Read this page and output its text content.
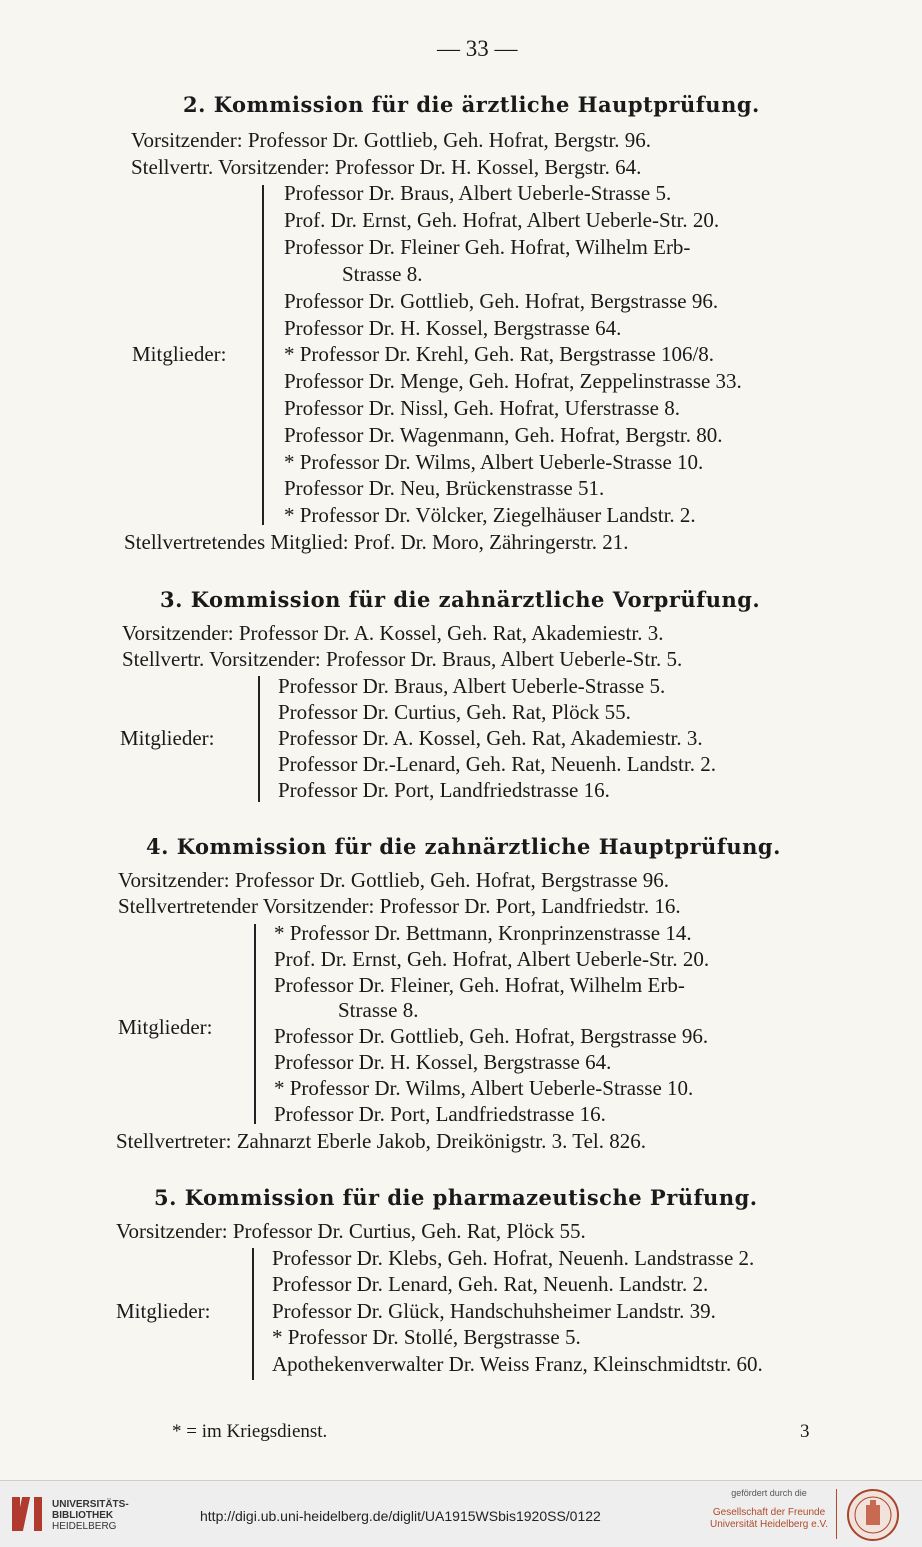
— 33 —
2. Kommission für die ärztliche Hauptprüfung.
Vorsitzender: Professor Dr. Gottlieb, Geh. Hofrat, Bergstr. 96.
Stellvertr. Vorsitzender: Professor Dr. H. Kossel, Bergstr. 64.
Mitglieder:
Professor Dr. Braus, Albert Ueberle-Strasse 5.
Prof. Dr. Ernst, Geh. Hofrat, Albert Ueberle-Str. 20.
Professor Dr. Fleiner Geh. Hofrat, Wilhelm Erb-
Strasse 8.
Professor Dr. Gottlieb, Geh. Hofrat, Bergstrasse 96.
Professor Dr. H. Kossel, Bergstrasse 64.
* Professor Dr. Krehl, Geh. Rat, Bergstrasse 106/8.
Professor Dr. Menge, Geh. Hofrat, Zeppelinstrasse 33.
Professor Dr. Nissl, Geh. Hofrat, Uferstrasse 8.
Professor Dr. Wagenmann, Geh. Hofrat, Bergstr. 80.
* Professor Dr. Wilms, Albert Ueberle-Strasse 10.
Professor Dr. Neu, Brückenstrasse 51.
* Professor Dr. Völcker, Ziegelhäuser Landstr. 2.
Stellvertretendes Mitglied: Prof. Dr. Moro, Zähringerstr. 21.
3. Kommission für die zahnärztliche Vorprüfung.
Vorsitzender: Professor Dr. A. Kossel, Geh. Rat, Akademiestr. 3.
Stellvertr. Vorsitzender: Professor Dr. Braus, Albert Ueberle-Str. 5.
Mitglieder:
Professor Dr. Braus, Albert Ueberle-Strasse 5.
Professor Dr. Curtius, Geh. Rat, Plöck 55.
Professor Dr. A. Kossel, Geh. Rat, Akademiestr. 3.
Professor Dr.-Lenard, Geh. Rat, Neuenh. Landstr. 2.
Professor Dr. Port, Landfriedstrasse 16.
4. Kommission für die zahnärztliche Hauptprüfung.
Vorsitzender: Professor Dr. Gottlieb, Geh. Hofrat, Bergstrasse 96.
Stellvertretender Vorsitzender: Professor Dr. Port, Landfriedstr. 16.
Mitglieder:
* Professor Dr. Bettmann, Kronprinzenstrasse 14.
Prof. Dr. Ernst, Geh. Hofrat, Albert Ueberle-Str. 20.
Professor Dr. Fleiner, Geh. Hofrat, Wilhelm Erb-
Strasse 8.
Professor Dr. Gottlieb, Geh. Hofrat, Bergstrasse 96.
Professor Dr. H. Kossel, Bergstrasse 64.
* Professor Dr. Wilms, Albert Ueberle-Strasse 10.
Professor Dr. Port, Landfriedstrasse 16.
Stellvertreter: Zahnarzt Eberle Jakob, Dreikönigstr. 3. Tel. 826.
5. Kommission für die pharmazeutische Prüfung.
Vorsitzender: Professor Dr. Curtius, Geh. Rat, Plöck 55.
Mitglieder:
Professor Dr. Klebs, Geh. Hofrat, Neuenh. Landstrasse 2.
Professor Dr. Lenard, Geh. Rat, Neuenh. Landstr. 2.
Professor Dr. Glück, Handschuhsheimer Landstr. 39.
* Professor Dr. Stollé, Bergstrasse 5.
Apothekenverwalter Dr. Weiss Franz, Kleinschmidtstr. 60.
* = im Kriegsdienst.	3
UNIVERSITÄTS-
BIBLIOTHEK
HEIDELBERG
http://digi.ub.uni-heidelberg.de/diglit/UA1915WSbis1920SS/0122
gefördert durch die
Gesellschaft der Freunde
Universität Heidelberg e.V.
